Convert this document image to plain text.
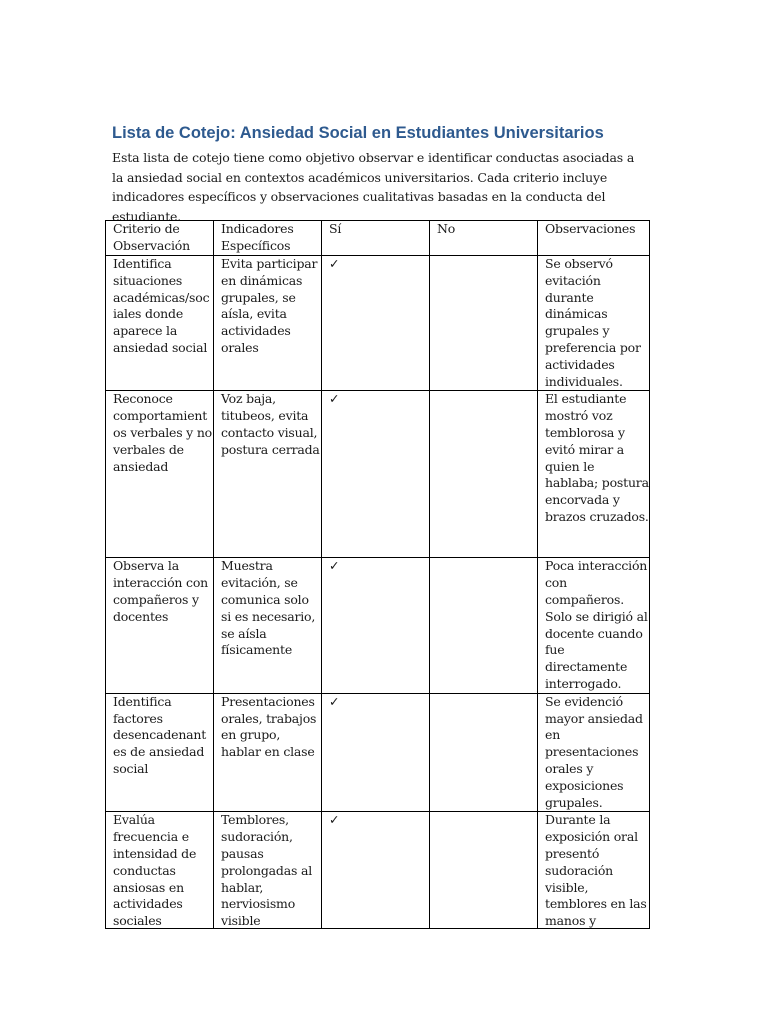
Lista de Cotejo: Ansiedad Social en Estudiantes Universitarios

Esta lista de cotejo tiene como objetivo observar e identificar conductas asociadas a la ansiedad social en contextos académicos universitarios. Cada criterio incluye indicadores específicos y observaciones cualitativas basadas en la conducta del estudiante.

Criterio de Observación	Indicadores Específicos	Sí	No	Observaciones
Identifica situaciones académicas/soc iales donde aparece la ansiedad social	Evita participar en dinámicas grupales, se aísla, evita actividades orales	✓		Se observó evitación durante dinámicas grupales y preferencia por actividades individuales.
Reconoce comportamient os verbales y no verbales de ansiedad	Voz baja, titubeos, evita contacto visual, postura cerrada	✓		El estudiante mostró voz temblorosa y evitó mirar a quien le hablaba; postura encorvada y brazos cruzados.
Observa la interacción con compañeros y docentes	Muestra evitación, se comunica solo si es necesario, se aísla físicamente	✓		Poca interacción con compañeros. Solo se dirigió al docente cuando fue directamente interrogado.
Identifica factores desencadenant es de ansiedad social	Presentaciones orales, trabajos en grupo, hablar en clase	✓		Se evidenció mayor ansiedad en presentaciones orales y exposiciones grupales.

Evalúa frecuencia e intensidad de conductas ansiosas en actividades sociales	Temblores, sudoración, pausas prolongadas al hablar, nerviosismo visible	✓		Durante la exposición oral presentó sudoración visible, temblores en las manos y
